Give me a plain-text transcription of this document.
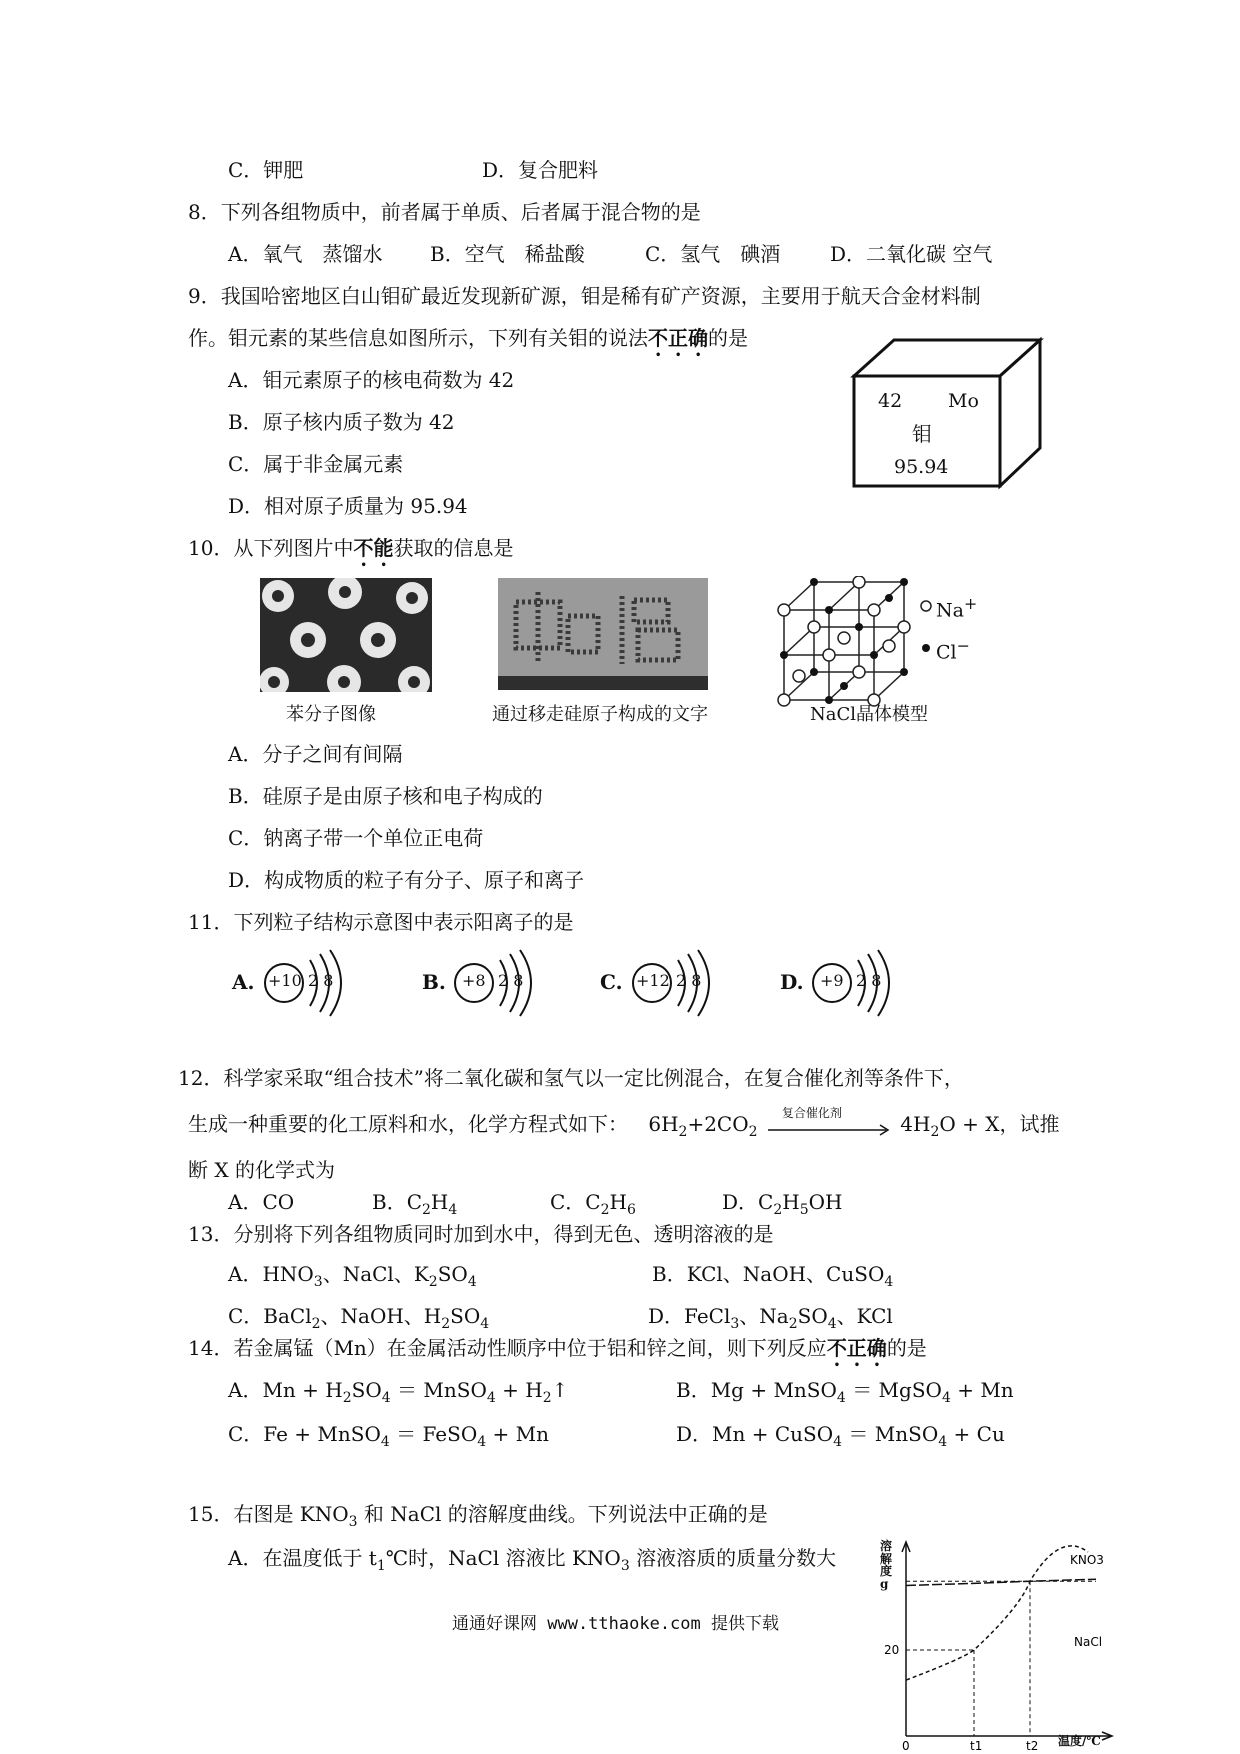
C．钾肥	D．复合肥料
8．下列各组物质中，前者属于单质、后者属于混合物的是
A．氧气　蒸馏水 B．空气　稀盐酸	C．氢气　碘酒 D．二氧化碳 空气
9．我国哈密地区白山钼矿最近发现新矿源，钼是稀有矿产资源，主要用于航天合金材料制
作。钼元素的某些信息如图所示，下列有关钼的说法不正确的是
A．钼元素原子的核电荷数为 42
B．原子核内质子数为 42
C．属于非金属元素
D．相对原子质量为 95.94
42 Mo
钼
95.94
10．从下列图片中不能获取的信息是
Na+
Cl−
苯分子图像	通过移走硅原子构成的文字	NaCl晶体模型
A．分子之间有间隔
B．硅原子是由原子核和电子构成的
C．钠离子带一个单位正电荷
D．构成物质的粒子有分子、原子和离子
11．下列粒子结构示意图中表示阳离子的是
A. +10 2 8	B. +8 2 8	C. +12 2 8	D. +9 2 8
12．科学家采取“组合技术”将二氧化碳和氢气以一定比例混合，在复合催化剂等条件下，
生成一种重要的化工原料和水，化学方程式如下： $6H_2+2CO_2$
复合催化剂	$4H_2O + X$，试推
断 X 的化学式为
A．CO	B．$C_2H_4$	C．$C_2H_6$	D．$C_2H_5OH$
13．分别将下列各组物质同时加到水中，得到无色、透明溶液的是
A．$HNO_3$、NaCl、$K_2SO_4$	B．KCl、NaOH、CuSO$_4$
C．BaCl$_2$、NaOH、$H_2SO_4$	D．FeCl$_3$、$Na_2SO_4$、KCl
14．若金属锰（Mn）在金属活动性顺序中位于铝和锌之间，则下列反应不正确的是
A．$Mn + H_2SO_4$ ＝ MnSO$_4$ + $H_2↑$	B．Mg + MnSO$_4$ ＝ MgSO$_4$ + Mn
C．Fe + MnSO$_4$ ＝ FeSO$_4$ + Mn	D．Mn + CuSO$_4$ ＝ MnSO$_4$ + Cu
15．右图是 $KNO_3$ 和 NaCl 的溶解度曲线。下列说法中正确的是
A．在温度低于 $t_1℃$时，NaCl 溶液比 $KNO_3$ 溶液溶质的质量分数大
通通好课网 www.tthaoke.com 提供下载
KNO3
NaCl
0	t1	t2
20
溶解度 g
温度/℃
